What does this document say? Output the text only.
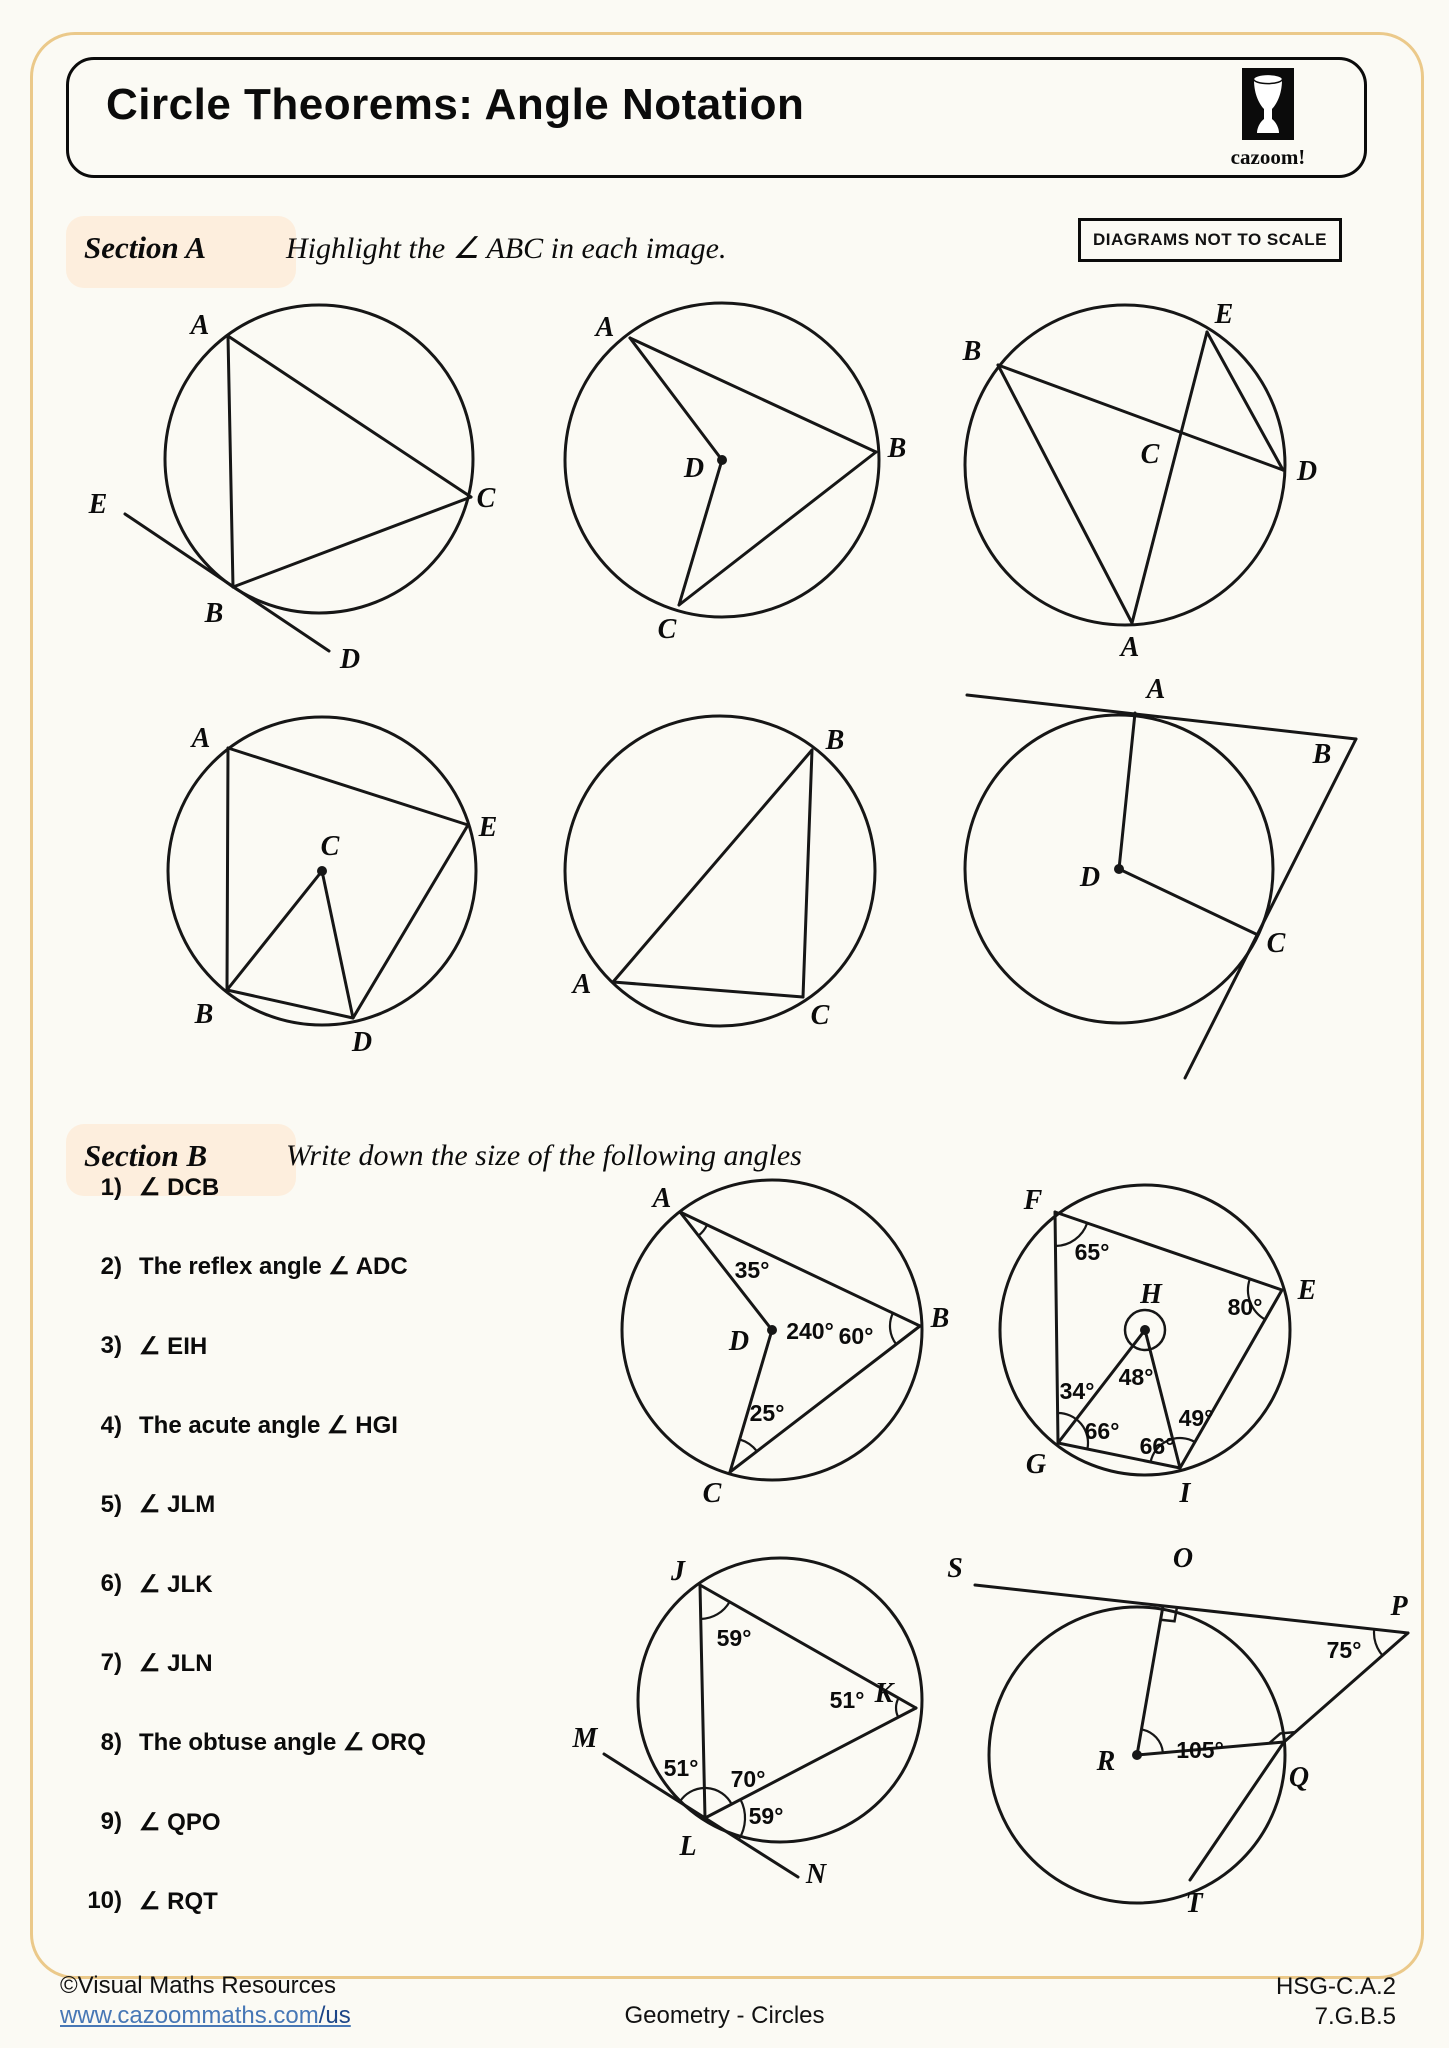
Circle Theorems: Angle Notation
cazoom!
Section A	Highlight the ∠ ABC in each image.	DIAGRAMS NOT TO SCALE
A
B
C
E
D
A
B
C
D
B
E
D
A
C
A
E
B
D
C
B
A
C
A
B
D
C
Section B	Write down the size of the following angles
1) ∠ DCB
2) The reflex angle ∠ ADC
3) ∠ EIH
4) The acute angle ∠ HGI
5) ∠ JLM
6) ∠ JLK
7) ∠ JLN
8) The obtuse angle ∠ ORQ
9) ∠ QPO
10) ∠ RQT
A
B
C
D
35°
240° 60°
25°
F
E
G
I
H
65°
80°
48°
34°
66°
66°
49°
J
K
L
M
N
59°
51° 70°
59°
51°
S	O
P
R
Q
T
105°
75°
©Visual Maths Resources
www.cazoommaths.com/us	Geometry - Circles
HSG-C.A.2
7.G.B.5
